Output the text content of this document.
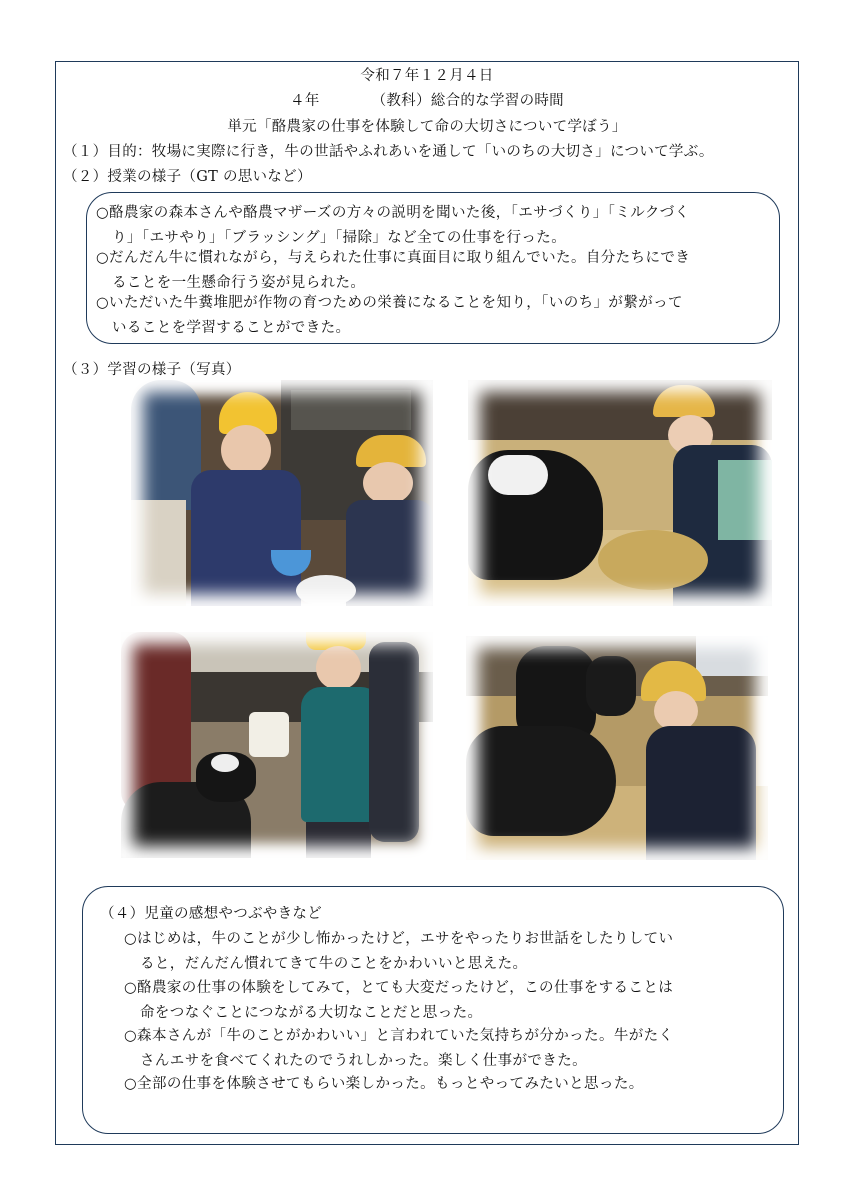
令和７年１２月４日
４年　　　　（教科）総合的な学習の時間
単元「酪農家の仕事を体験して命の大切さについて学ぼう」
（１）目的：牧場に実際に行き，牛の世話やふれあいを通して「いのちの大切さ」について学ぶ。
（２）授業の様子（GT の思いなど）
○酪農家の森本さんや酪農マザーズの方々の説明を聞いた後，「エサづくり」「ミルクづく
り」「エサやり」「ブラッシング」「掃除」など全ての仕事を行った。
○だんだん牛に慣れながら，与えられた仕事に真面目に取り組んでいた。自分たちにでき
ることを一生懸命行う姿が見られた。
○いただいた牛糞堆肥が作物の育つための栄養になることを知り，「いのち」が繋がって
いることを学習することができた。
（３）学習の様子（写真）
（４）児童の感想やつぶやきなど
○はじめは，牛のことが少し怖かったけど，エサをやったりお世話をしたりしてい
ると，だんだん慣れてきて牛のことをかわいいと思えた。
○酪農家の仕事の体験をしてみて，とても大変だったけど，この仕事をすることは
命をつなぐことにつながる大切なことだと思った。
○森本さんが「牛のことがかわいい」と言われていた気持ちが分かった。牛がたく
さんエサを食べてくれたのでうれしかった。楽しく仕事ができた。
○全部の仕事を体験させてもらい楽しかった。もっとやってみたいと思った。
